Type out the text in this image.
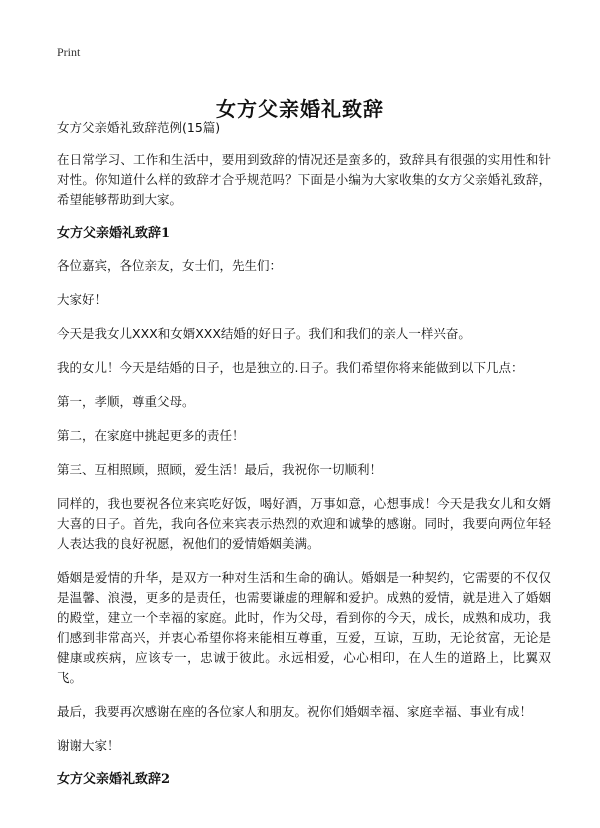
Print
女方父亲婚礼致辞

女方父亲婚礼致辞范例(15篇)

在日常学习、工作和生活中，要用到致辞的情况还是蛮多的，致辞具有很强的实用性和针对性。你知道什么样的致辞才合乎规范吗？下面是小编为大家收集的女方父亲婚礼致辞，希望能够帮助到大家。

女方父亲婚礼致辞1

各位嘉宾，各位亲友，女士们，先生们：

大家好！

今天是我女儿XXX和女婿XXX结婚的好日子。我们和我们的亲人一样兴奋。

我的女儿！今天是结婚的日子，也是独立的.日子。我们希望你将来能做到以下几点：

第一，孝顺，尊重父母。

第二，在家庭中挑起更多的责任！

第三、互相照顾，照顾，爱生活！最后，我祝你一切顺利！

同样的，我也要祝各位来宾吃好饭，喝好酒，万事如意，心想事成！今天是我女儿和女婿大喜的日子。首先，我向各位来宾表示热烈的欢迎和诚挚的感谢。同时，我要向两位年轻人表达我的良好祝愿，祝他们的爱情婚姻美满。

婚姻是爱情的升华，是双方一种对生活和生命的确认。婚姻是一种契约，它需要的不仅仅是温馨、浪漫，更多的是责任，也需要谦虚的理解和爱护。成熟的爱情，就是进入了婚姻的殿堂，建立一个幸福的家庭。此时，作为父母，看到你的今天，成长，成熟和成功，我们感到非常高兴，并衷心希望你将来能相互尊重，互爱，互谅，互助，无论贫富，无论是健康或疾病，应该专一，忠诚于彼此。永远相爱，心心相印，在人生的道路上，比翼双飞。

最后，我要再次感谢在座的各位家人和朋友。祝你们婚姻幸福、家庭幸福、事业有成！

谢谢大家！

女方父亲婚礼致辞2
